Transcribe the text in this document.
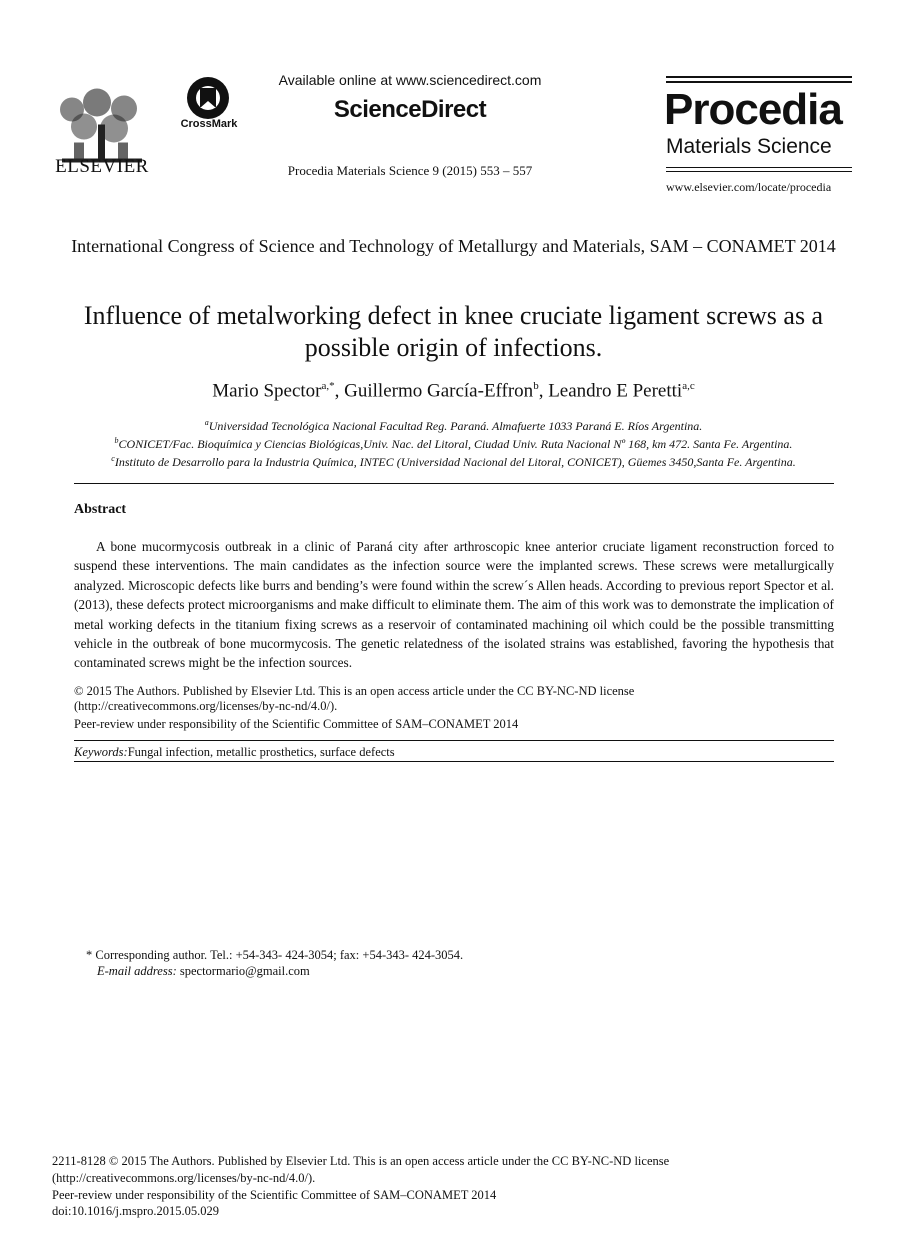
ELSEVIER
CrossMark
Available online at www.sciencedirect.com
ScienceDirect
Procedia Materials Science 9 (2015) 553 – 557
Procedia
Materials Science
www.elsevier.com/locate/procedia
International Congress of Science and Technology of Metallurgy and Materials, SAM – CONAMET 2014
Influence of metalworking defect in knee cruciate ligament screws as a possible origin of infections.
Mario Spector$^{a,*}$, Guillermo García-Effron$^b$, Leandro E Peretti$^{a,c}$
$^a$Universidad Tecnológica Nacional Facultad Reg. Paraná. Almafuerte 1033 Paraná E. Ríos Argentina.
$^b$CONICET/Fac. Bioquímica y Ciencias Biológicas,Univ. Nac. del Litoral, Ciudad Univ. Ruta Nacional Nº 168, km 472. Santa Fe. Argentina.
$^c$Instituto de Desarrollo para la Industria Química, INTEC (Universidad Nacional del Litoral, CONICET), Güemes 3450,Santa Fe. Argentina.
Abstract
A bone mucormycosis outbreak in a clinic of Paraná city after arthroscopic knee anterior cruciate ligament reconstruction forced to suspend these interventions. The main candidates as the infection source were the implanted screws. These screws were metallurgically analyzed. Microscopic defects like burrs and bending’s were found within the screw´s Allen heads. According to previous report Spector et al. (2013), these defects protect microorganisms and make difficult to eliminate them. The aim of this work was to demonstrate the implication of metal working defects in the titanium fixing screws as a reservoir of contaminated machining oil which could be the possible transmitting vehicle in the outbreak of bone mucormycosis. The genetic relatedness of the isolated strains was established, favoring the hypothesis that contaminated screws might be the infection sources.
© 2015 The Authors. Published by Elsevier Ltd. This is an open access article under the CC BY-NC-ND license
(http://creativecommons.org/licenses/by-nc-nd/4.0/).
Peer-review under responsibility of the Scientific Committee of SAM–CONAMET 2014
Keywords:Fungal infection, metallic prosthetics, surface defects
* Corresponding author. Tel.: +54-343- 424-3054; fax: +54-343- 424-3054.
E-mail address: spectormario@gmail.com
2211-8128 © 2015 The Authors. Published by Elsevier Ltd. This is an open access article under the CC BY-NC-ND license
(http://creativecommons.org/licenses/by-nc-nd/4.0/).
Peer-review under responsibility of the Scientific Committee of SAM–CONAMET 2014
doi:10.1016/j.mspro.2015.05.029
